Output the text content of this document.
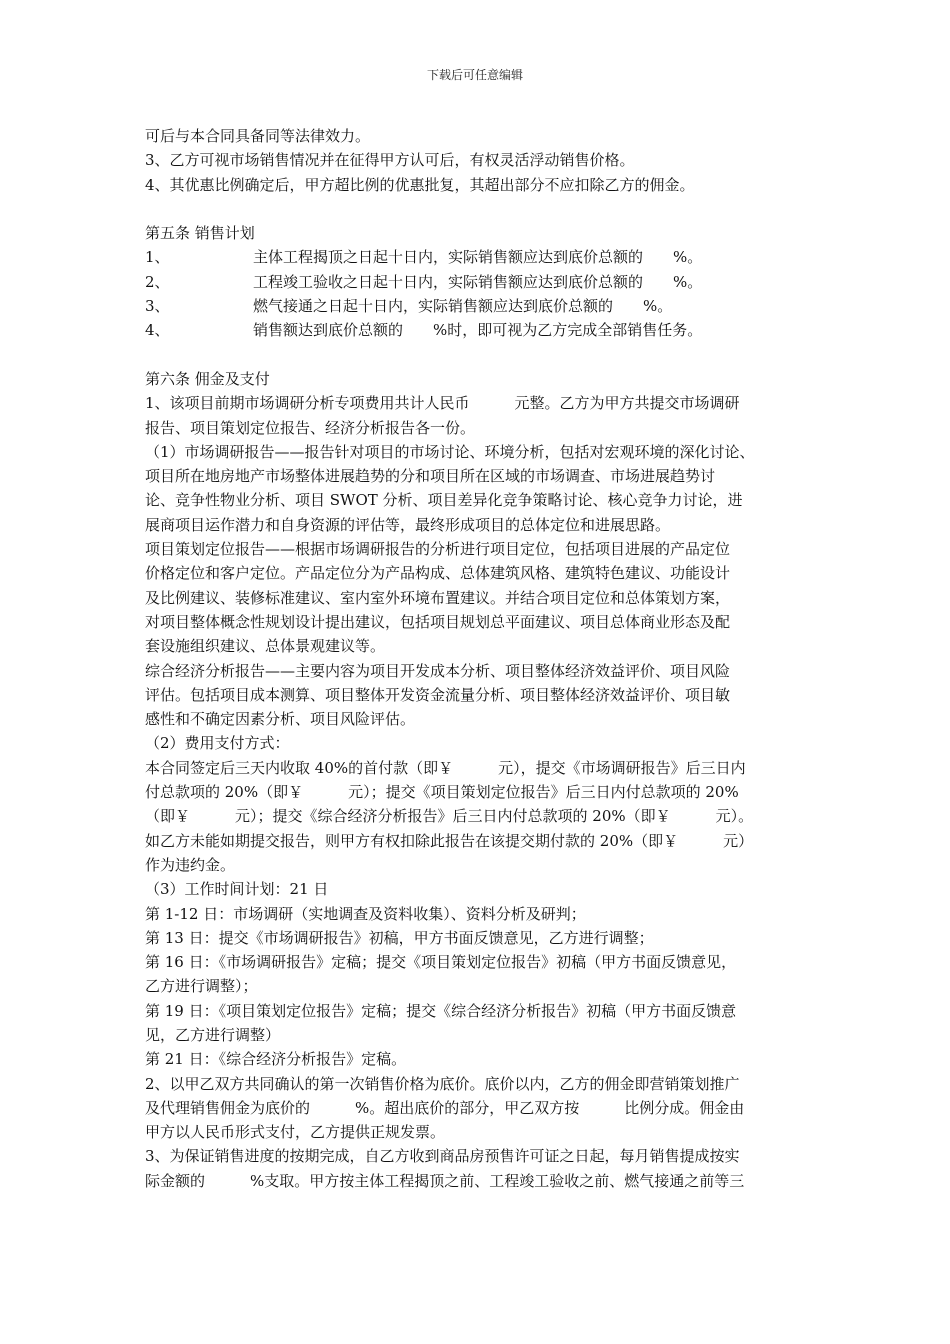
下载后可任意编辑
可后与本合同具备同等法律效力。
3、乙方可视市场销售情况并在征得甲方认可后，有权灵活浮动销售价格。
4、其优惠比例确定后，甲方超比例的优惠批复，其超出部分不应扣除乙方的佣金。
第五条 销售计划
1、	主体工程揭顶之日起十日内，实际销售额应达到底价总额的　　%。
2、	工程竣工验收之日起十日内，实际销售额应达到底价总额的　　%。
3、	燃气接通之日起十日内，实际销售额应达到底价总额的　　%。
4、	销售额达到底价总额的　　%时，即可视为乙方完成全部销售任务。
第六条 佣金及支付
1、该项目前期市场调研分析专项费用共计人民币　　　元整。乙方为甲方共提交市场调研
报告、项目策划定位报告、经济分析报告各一份。
（1）市场调研报告——报告针对项目的市场讨论、环境分析，包括对宏观环境的深化讨论、
项目所在地房地产市场整体进展趋势的分和项目所在区域的市场调查、市场进展趋势讨
论、竞争性物业分析、项目 SWOT 分析、项目差异化竞争策略讨论、核心竞争力讨论，进
展商项目运作潜力和自身资源的评估等，最终形成项目的总体定位和进展思路。
项目策划定位报告——根据市场调研报告的分析进行项目定位，包括项目进展的产品定位
价格定位和客户定位。产品定位分为产品构成、总体建筑风格、建筑特色建议、功能设计
及比例建议、装修标准建议、室内室外环境布置建议。并结合项目定位和总体策划方案，
对项目整体概念性规划设计提出建议，包括项目规划总平面建议、项目总体商业形态及配
套设施组织建议、总体景观建议等。
综合经济分析报告——主要内容为项目开发成本分析、项目整体经济效益评价、项目风险
评估。包括项目成本测算、项目整体开发资金流量分析、项目整体经济效益评价、项目敏
感性和不确定因素分析、项目风险评估。
（2）费用支付方式：
本合同签定后三天内收取 40%的首付款（即￥　　　元），提交《市场调研报告》后三日内
付总款项的 20%（即￥　　　元）；提交《项目策划定位报告》后三日内付总款项的 20%
（即￥　　　元）；提交《综合经济分析报告》后三日内付总款项的 20%（即￥　　　元）。
如乙方未能如期提交报告，则甲方有权扣除此报告在该提交期付款的 20%（即￥　　　元）
作为违约金。
（3）工作时间计划：21 日
第 1-12 日：市场调研（实地调查及资料收集）、资料分析及研判；
第 13 日：提交《市场调研报告》初稿，甲方书面反馈意见，乙方进行调整；
第 16 日：《市场调研报告》定稿；提交《项目策划定位报告》初稿（甲方书面反馈意见，
乙方进行调整）；
第 19 日：《项目策划定位报告》定稿；提交《综合经济分析报告》初稿（甲方书面反馈意
见，乙方进行调整）
第 21 日：《综合经济分析报告》定稿。
2、以甲乙双方共同确认的第一次销售价格为底价。底价以内，乙方的佣金即营销策划推广
及代理销售佣金为底价的　　　%。超出底价的部分，甲乙双方按　　　比例分成。佣金由
甲方以人民币形式支付，乙方提供正规发票。
3、为保证销售进度的按期完成，自乙方收到商品房预售许可证之日起，每月销售提成按实
际金额的　　　%支取。甲方按主体工程揭顶之前、工程竣工验收之前、燃气接通之前等三
